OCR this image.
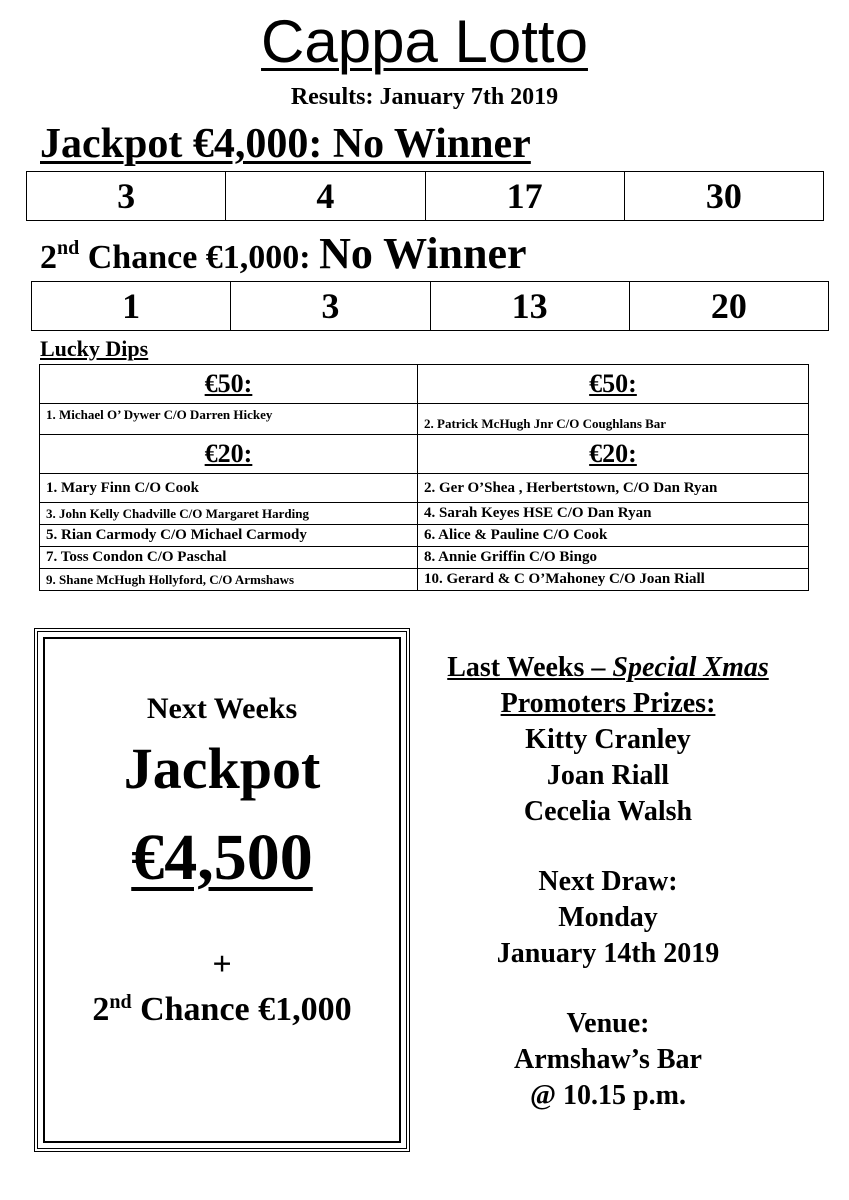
Cappa Lotto
Results: January 7th 2019
Jackpot €4,000: No Winner
3	4	17	30
2nd Chance €1,000: No Winner
1	3	13	20
Lucky Dips
€50:	€50:
1. Michael O’ Dywer C/O Darren Hickey	2. Patrick McHugh Jnr C/O Coughlans Bar
€20:	€20:
1. Mary Finn C/O Cook	2. Ger O’Shea , Herbertstown, C/O Dan Ryan
3. John Kelly Chadville C/O Margaret Harding	4. Sarah Keyes HSE C/O Dan Ryan
5. Rian Carmody C/O Michael Carmody	6. Alice & Pauline C/O Cook
7. Toss Condon C/O Paschal	8. Annie Griffin C/O Bingo
9. Shane McHugh Hollyford, C/O Armshaws	10. Gerard & C O’Mahoney C/O Joan Riall
Next Weeks
Jackpot
€4,500
+
2nd Chance €1,000
Last Weeks – Special Xmas
Promoters Prizes:
Kitty Cranley
Joan Riall
Cecelia Walsh
Next Draw:
Monday
January 14th 2019
Venue:
Armshaw’s Bar
@ 10.15 p.m.
